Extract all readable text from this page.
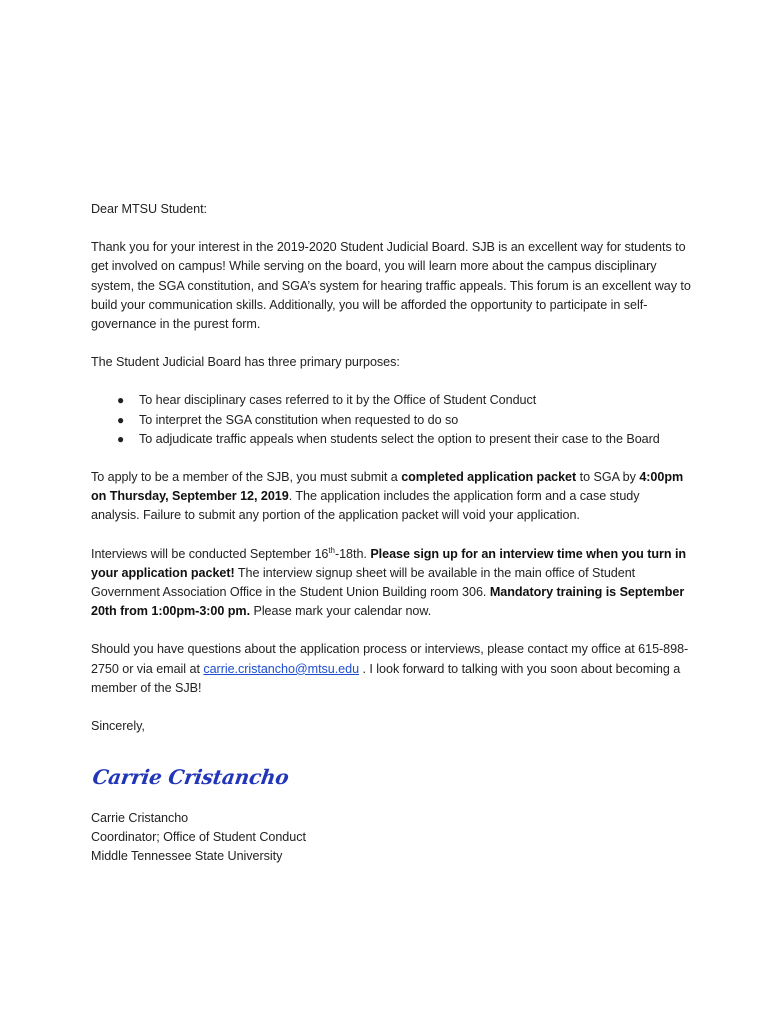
Dear MTSU Student:

Thank you for your interest in the 2019-2020 Student Judicial Board. SJB is an excellent way for students to get involved on campus! While serving on the board, you will learn more about the campus disciplinary system, the SGA constitution, and SGA’s system for hearing traffic appeals. This forum is an excellent way to build your communication skills. Additionally, you will be afforded the opportunity to participate in self-governance in the purest form.

The Student Judicial Board has three primary purposes:

● To hear disciplinary cases referred to it by the Office of Student Conduct
● To interpret the SGA constitution when requested to do so
● To adjudicate traffic appeals when students select the option to present their case to the Board

To apply to be a member of the SJB, you must submit a completed application packet to SGA by 4:00pm on Thursday, September 12, 2019. The application includes the application form and a case study analysis. Failure to submit any portion of the application packet will void your application.

Interviews will be conducted September 16th-18th. Please sign up for an interview time when you turn in your application packet! The interview signup sheet will be available in the main office of Student Government Association Office in the Student Union Building room 306. Mandatory training is September 20th from 1:00pm-3:00 pm. Please mark your calendar now.

Should you have questions about the application process or interviews, please contact my office at 615-898-2750 or via email at carrie.cristancho@mtsu.edu . I look forward to talking with you soon about becoming a member of the SJB!

Sincerely,

Carrie Cristancho
Carrie Cristancho
Coordinator; Office of Student Conduct
Middle Tennessee State University
